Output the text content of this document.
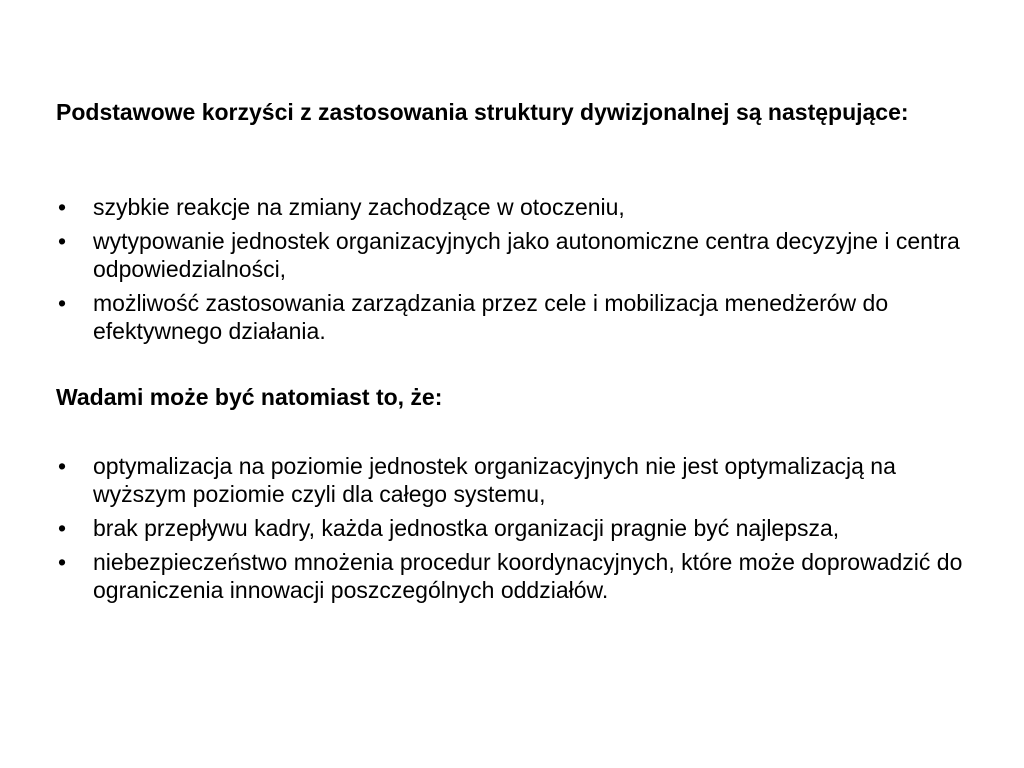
Podstawowe korzyści z zastosowania struktury dywizjonalnej są następujące:

• szybkie reakcje na zmiany zachodzące w otoczeniu,
• wytypowanie jednostek organizacyjnych jako autonomiczne centra decyzyjne i centra odpowiedzialności,
• możliwość zastosowania zarządzania przez cele i mobilizacja menedżerów do efektywnego działania.

Wadami może być natomiast to, że:

• optymalizacja na poziomie jednostek organizacyjnych nie jest optymalizacją na wyższym poziomie czyli dla całego systemu,
• brak przepływu kadry, każda jednostka organizacji pragnie być najlepsza,
• niebezpieczeństwo mnożenia procedur koordynacyjnych, które może doprowadzić do ograniczenia innowacji poszczególnych oddziałów.
